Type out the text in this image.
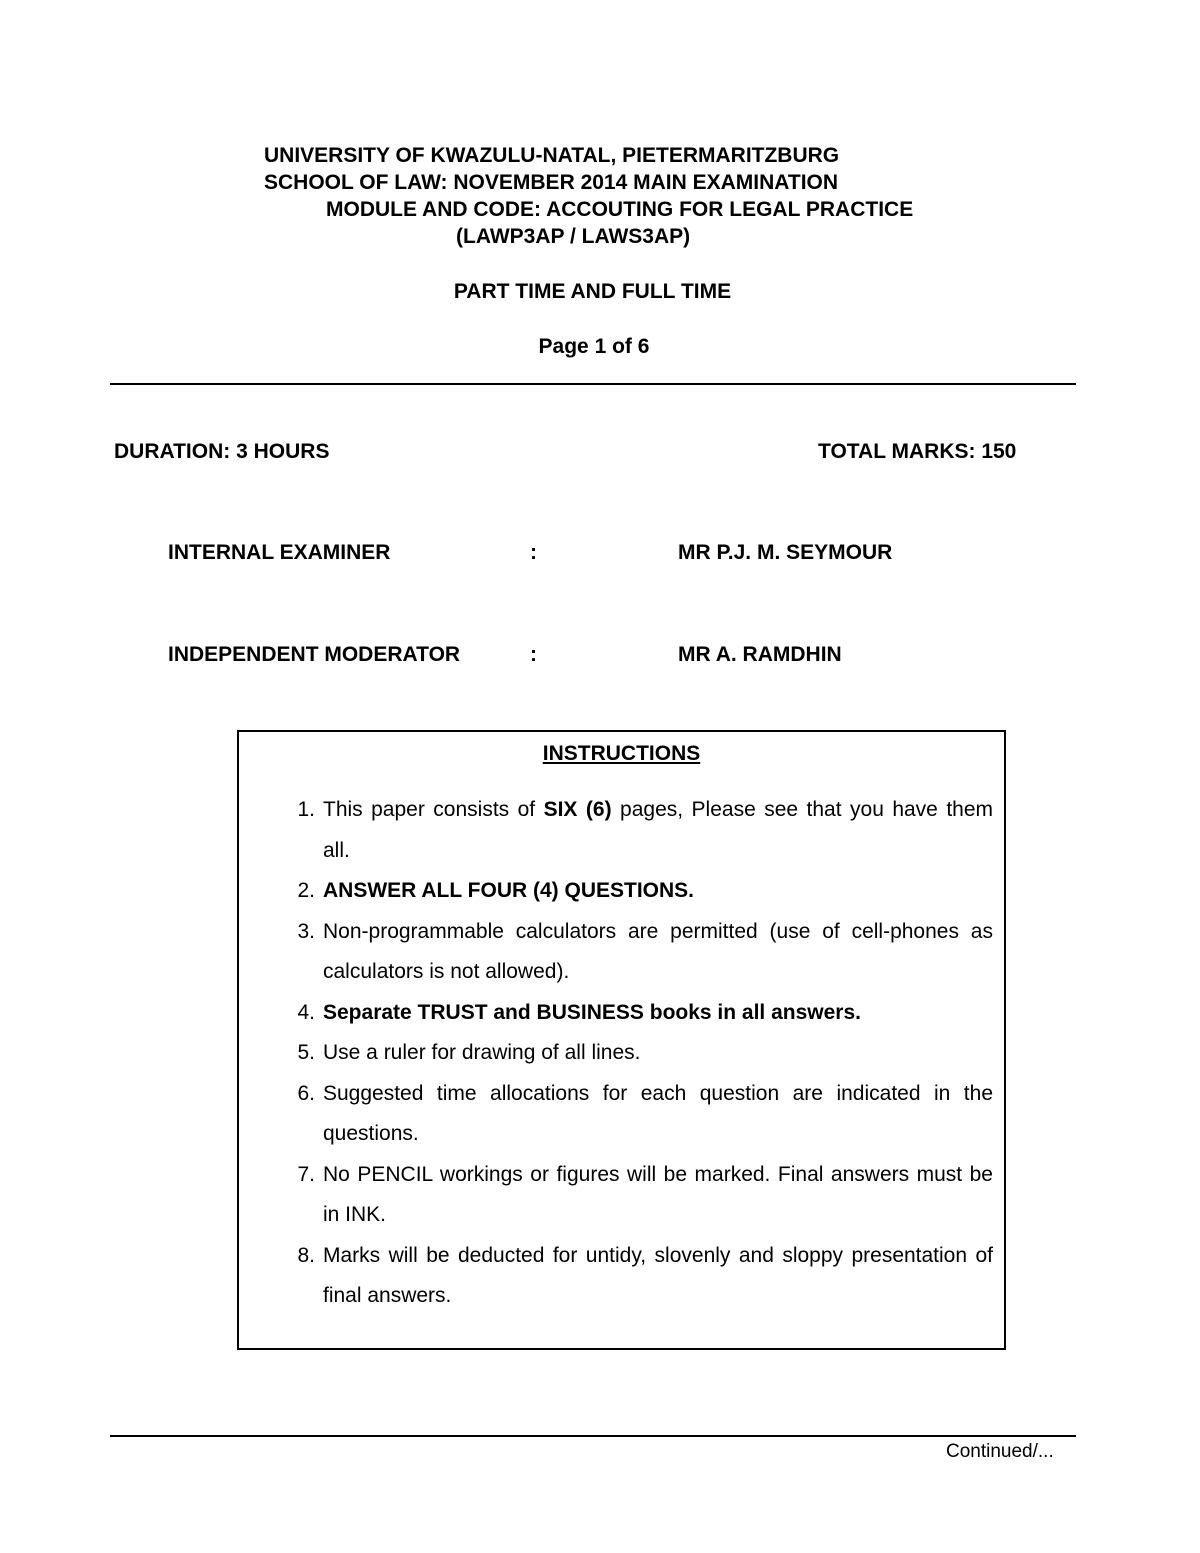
UNIVERSITY OF KWAZULU-NATAL, PIETERMARITZBURG
SCHOOL OF LAW: NOVEMBER 2014 MAIN EXAMINATION
MODULE AND CODE: ACCOUTING FOR LEGAL PRACTICE
(LAWP3AP / LAWS3AP)
PART TIME AND FULL TIME
Page 1 of 6
DURATION: 3 HOURS	TOTAL MARKS: 150
INTERNAL EXAMINER	:	MR P.J. M. SEYMOUR
INDEPENDENT MODERATOR	:	MR A. RAMDHIN
INSTRUCTIONS
1. This paper consists of SIX (6) pages, Please see that you have them all.
2. ANSWER ALL FOUR (4) QUESTIONS.
3. Non-programmable calculators are permitted (use of cell-phones as calculators is not allowed).
4. Separate TRUST and BUSINESS books in all answers.
5. Use a ruler for drawing of all lines.
6. Suggested time allocations for each question are indicated in the questions.
7. No PENCIL workings or figures will be marked. Final answers must be in INK.
8. Marks will be deducted for untidy, slovenly and sloppy presentation of final answers.
Continued/...
